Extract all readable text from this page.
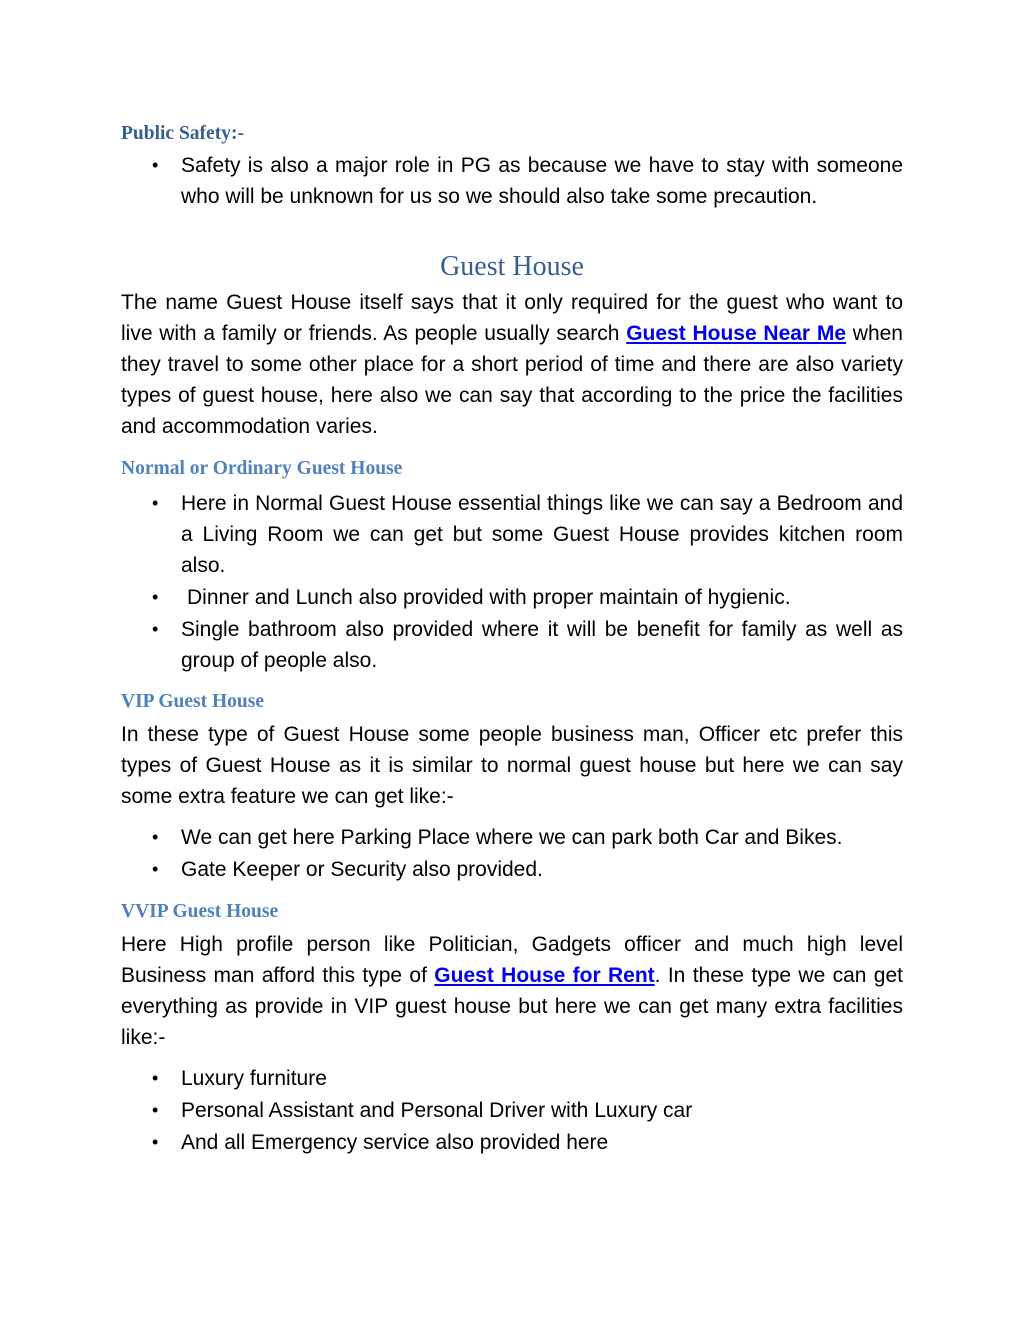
Public Safety:-
• Safety is also a major role in PG as because we have to stay with someone who will be unknown for us so we should also take some precaution.
Guest House

The name Guest House itself says that it only required for the guest who want to live with a family or friends. As people usually search Guest House Near Me when they travel to some other place for a short period of time and there are also variety types of guest house, here also we can say that according to the price the facilities and accommodation varies.

Normal or Ordinary Guest House
• Here in Normal Guest House essential things like we can say a Bedroom and a Living Room we can get but some Guest House provides kitchen room also.
• Dinner and Lunch also provided with proper maintain of hygienic.
• Single bathroom also provided where it will be benefit for family as well as group of people also.
VIP Guest House

In these type of Guest House some people business man, Officer etc prefer this types of Guest House as it is similar to normal guest house but here we can say some extra feature we can get like:-

• We can get here Parking Place where we can park both Car and Bikes.
• Gate Keeper or Security also provided.
VVIP Guest House

Here High profile person like Politician, Gadgets officer and much high level Business man afford this type of Guest House for Rent. In these type we can get everything as provide in VIP guest house but here we can get many extra facilities like:-

• Luxury furniture
• Personal Assistant and Personal Driver with Luxury car
• And all Emergency service also provided here
